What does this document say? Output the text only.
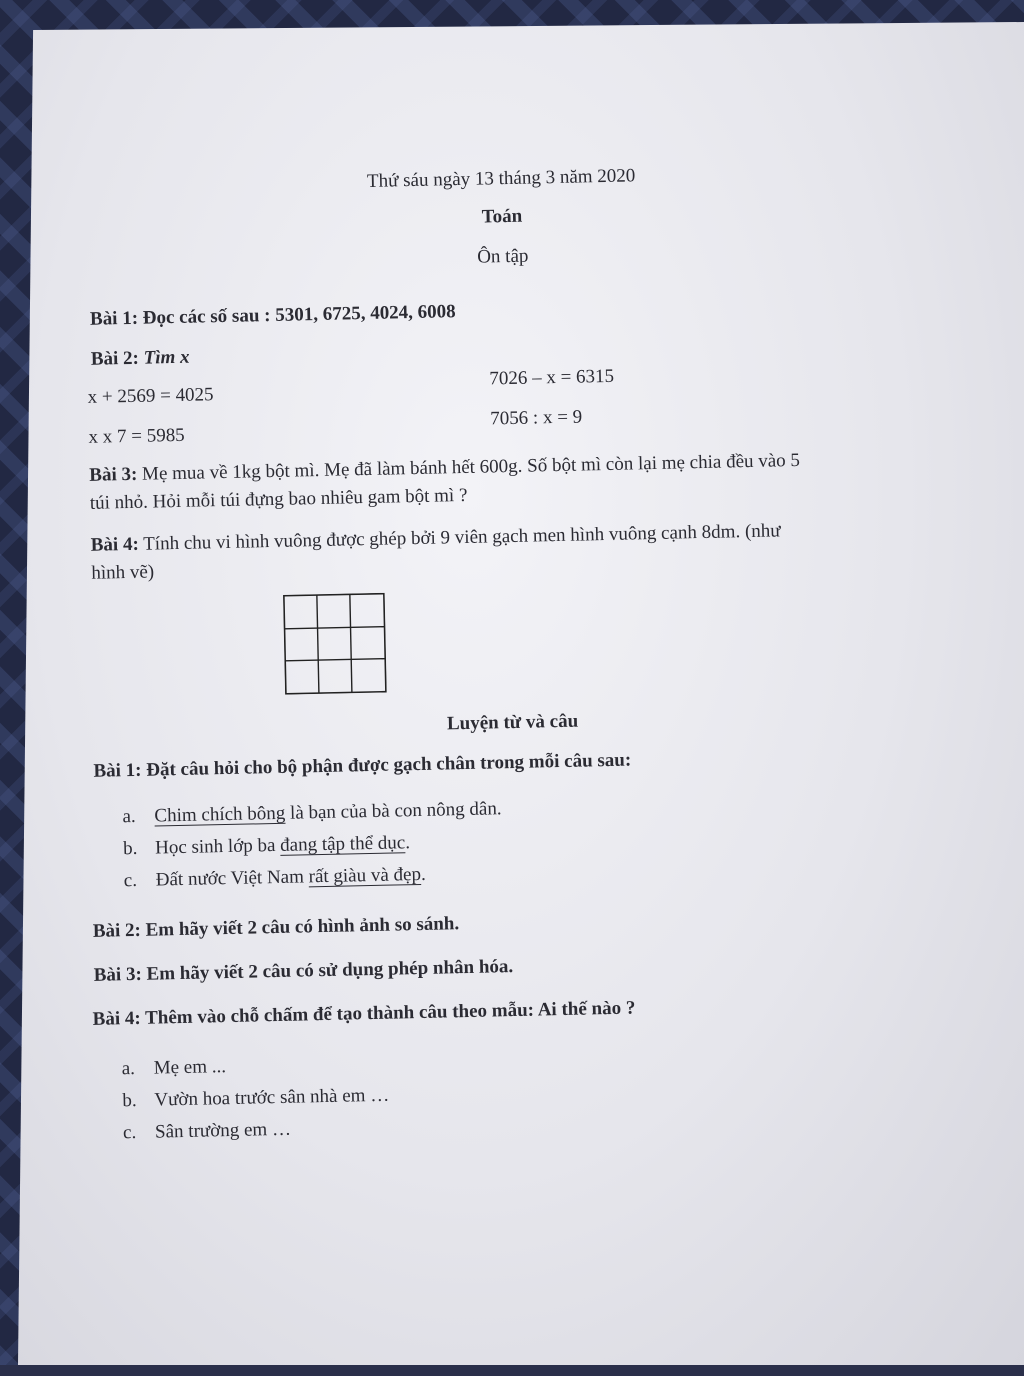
Thứ sáu ngày 13 tháng 3 năm 2020
Toán
Ôn tập
Bài 1: Đọc các số sau : 5301, 6725, 4024, 6008
Bài 2: Tìm x
x + 2569 = 4025
7026 – x = 6315
x x 7 = 5985
7056 : x = 9
Bài 3: Mẹ mua về 1kg bột mì. Mẹ đã làm bánh hết 600g. Số bột mì còn lại mẹ chia đều vào 5
túi nhỏ. Hỏi mỗi túi đựng bao nhiêu gam bột mì ?
Bài 4: Tính chu vi hình vuông được ghép bởi 9 viên gạch men hình vuông cạnh 8dm. (như
hình vẽ)
Luyện từ và câu
Bài 1: Đặt câu hỏi cho bộ phận được gạch chân trong mỗi câu sau:
a. Chim chích bông là bạn của bà con nông dân.
b. Học sinh lớp ba đang tập thể dục.
c. Đất nước Việt Nam rất giàu và đẹp.
Bài 2: Em hãy viết 2 câu có hình ảnh so sánh.
Bài 3: Em hãy viết 2 câu có sử dụng phép nhân hóa.
Bài 4: Thêm vào chỗ chấm để tạo thành câu theo mẫu: Ai thế nào ?
a. Mẹ em ...
b. Vườn hoa trước sân nhà em …
c. Sân trường em …
